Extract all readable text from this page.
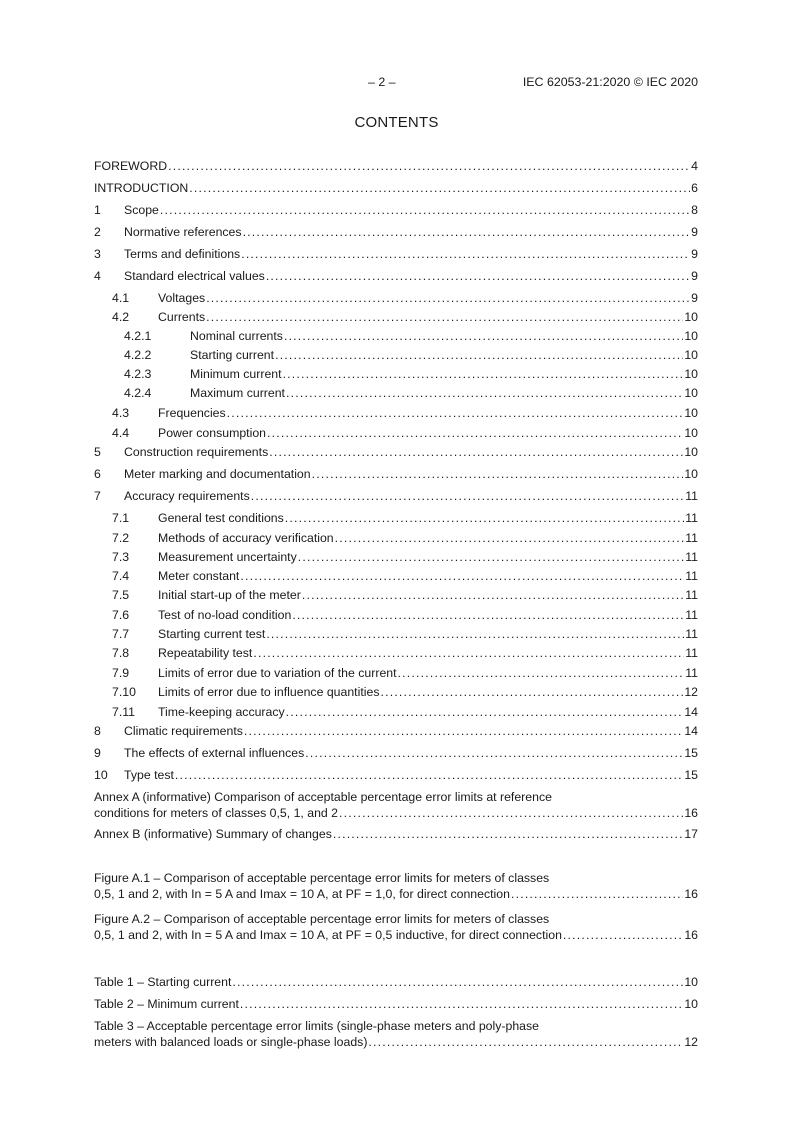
– 2 –	IEC 62053-21:2020 © IEC 2020
CONTENTS
FOREWORD .....	4
INTRODUCTION .....	6
1	Scope .....	8
2	Normative references .....	9
3	Terms and definitions .....	9
4	Standard electrical values .....	9
4.1	Voltages .....	9
4.2	Currents .....	10
4.2.1	Nominal currents .....	10
4.2.2	Starting current .....	10
4.2.3	Minimum current .....	10
4.2.4	Maximum current .....	10
4.3	Frequencies .....	10
4.4	Power consumption .....	10
5	Construction requirements .....	10
6	Meter marking and documentation .....	10
7	Accuracy requirements .....	11
7.1	General test conditions .....	11
7.2	Methods of accuracy verification .....	11
7.3	Measurement uncertainty .....	11
7.4	Meter constant .....	11
7.5	Initial start-up of the meter .....	11
7.6	Test of no-load condition .....	11
7.7	Starting current test .....	11
7.8	Repeatability test .....	11
7.9	Limits of error due to variation of the current .....	11
7.10	Limits of error due to influence quantities .....	12
7.11	Time-keeping accuracy .....	14
8	Climatic requirements .....	14
9	The effects of external influences .....	15
10	Type test .....	15
Annex A (informative) Comparison of acceptable percentage error limits at reference
conditions for meters of classes 0,5, 1, and 2 .....	16
Annex B (informative) Summary of changes .....	17
Figure A.1 – Comparison of acceptable percentage error limits for meters of classes
0,5, 1 and 2, with In = 5 A and Imax = 10 A, at PF = 1,0, for direct connection .....	16
Figure A.2 – Comparison of acceptable percentage error limits for meters of classes
0,5, 1 and 2, with In = 5 A and Imax = 10 A, at PF = 0,5 inductive, for direct connection .....	16
Table 1 – Starting current .....	10
Table 2 – Minimum current .....	10
Table 3 – Acceptable percentage error limits (single-phase meters and poly-phase
meters with balanced loads or single-phase loads) .....	12
